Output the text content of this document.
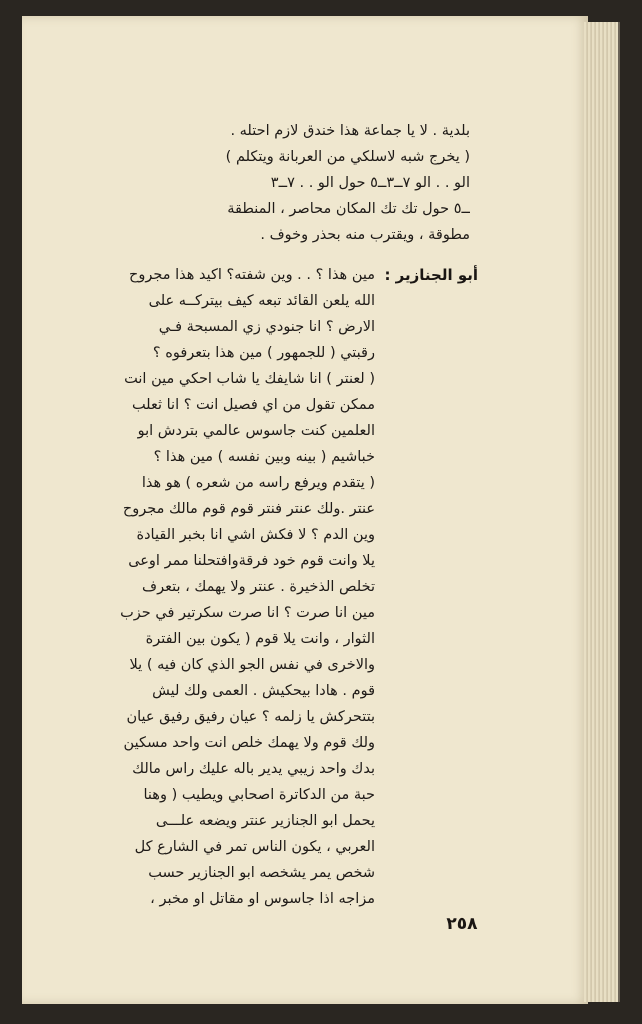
بلدية . لا يا جماعة هذا خندق لازم احتله .
( يخرج شبه لاسلكي من العربانة ويتكلم )
الو . . الو ٧ــ٣ــ٥ حول الو . . ٧ــ٣
ــ٥ حول تك تك المكان محاصر ، المنطقة
مطوقة ، ويقترب منه بحذر وخوف .
أبو الجنازير :
مين هذا ؟ . . وين شفته؟ اكيد هذا مجروح
الله يلعن القائد تبعه كيف بيتركــه على
الارض ؟ انا جنودي زي المسبحة فـي
رقبتي ( للجمهور ) مين هذا بتعرفوه ؟
( لعنتر ) انا شايفك يا شاب احكي مين انت
ممكن تقول من اي فصيل انت ؟ انا ثعلب
العلمين كنت جاسوس عالمي بتردش ابو
خباشيم ( بينه وبين نفسه ) مين هذا ؟
( يتقدم ويرفع راسه من شعره ) هو هذا
عنتر .ولك عنتر فنتر قوم قوم مالك مجروح
وين الدم ؟ لا فكش اشي انا بخبر القيادة
يلا وانت قوم خود فرقةوافتحلنا ممر اوعى
تخلص الذخيرة . عنتر ولا يهمك ، بتعرف
مين انا صرت ؟ انا صرت سكرتير في حزب
الثوار ، وانت يلا قوم ( يكون بين الفترة
والاخرى في نفس الجو الذي كان فيه ) يلا
قوم . هادا بيحكيش . العمى ولك ليش
بتتحركش يا زلمه ؟ عيان رفيق رفيق عيان
ولك قوم ولا يهمك خلص انت واحد مسكين
بدك واحد زيبي يدير باله عليك راس مالك
حبة من الدكاترة اصحابي ويطيب ( وهنا
يحمل ابو الجنازير عنتر ويضعه علـــى
العربي ، يكون الناس تمر في الشارع كل
شخص يمر يشخصه ابو الجنازير حسب
مزاجه اذا جاسوس او مقاتل او مخبر ،
٢٥٨
